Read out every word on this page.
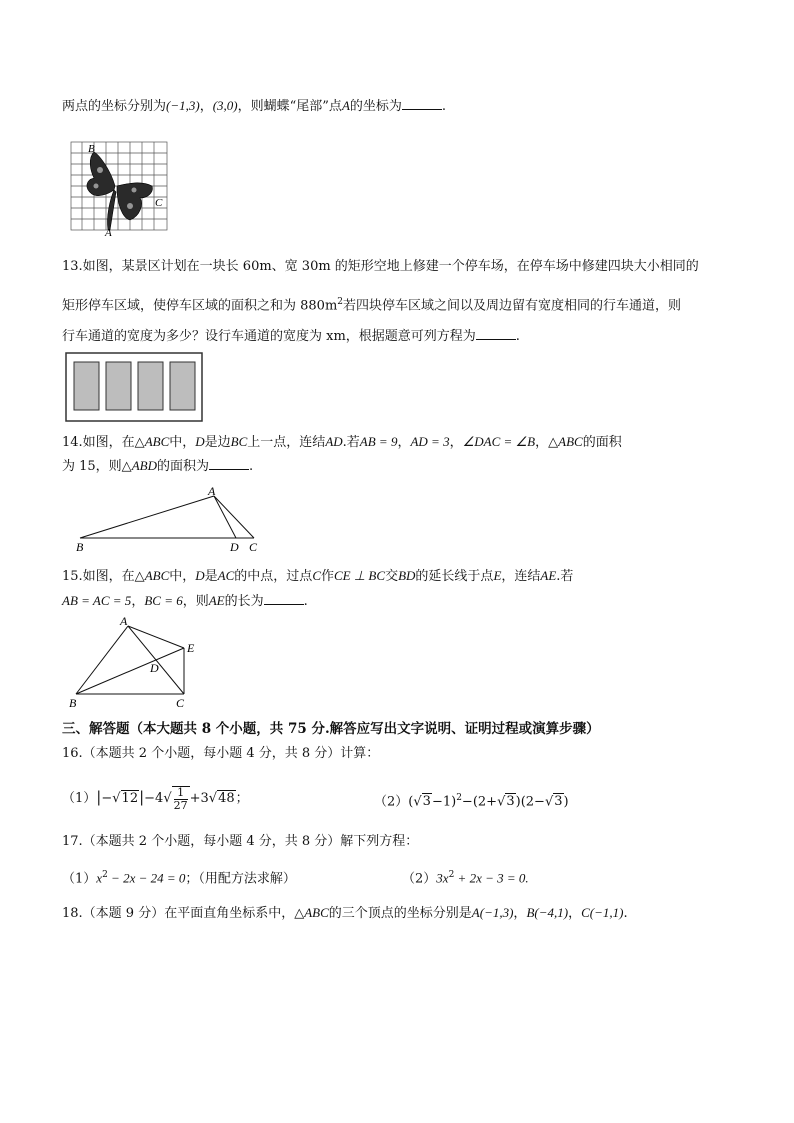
两点的坐标分别为(−1,3)，(3,0)，则蝴蝶“尾部”点A的坐标为	.
B
C
A
13.如图，某景区计划在一块长 60m、宽 30m 的矩形空地上修建一个停车场，在停车场中修建四块大小相同的
矩形停车区域，使停车区域的面积之和为 $880m^2$若四块停车区域之间以及周边留有宽度相同的行车通道，则
行车通道的宽度为多少？设行车通道的宽度为 xm，根据题意可列方程为	.
14.如图，在△ABC中，D是边BC上一点，连结AD.若AB = 9，AD = 3，∠DAC = ∠B，△ABC的面积
为 15，则△ABD的面积为	.
A
B	D C
15.如图，在△ABC中，D是AC的中点，过点C作CE ⊥ BC交BD的延长线于点E，连结AE.若
AB = AC = 5，BC = 6，则AE的长为	.
A
E
D
B	C
三、解答题（本大题共 8 个小题，共 75 分.解答应写出文字说明、证明过程或演算步骤）
16.（本题共 2 个小题，每小题 4 分，共 8 分）计算：
$(1)|-√12|-4√ \frac{1}{27} +3√48$；	$(2)(√3-1)^2-(2+√3)(2-√3)$
17.（本题共 2 个小题，每小题 4 分，共 8 分）解下列方程：
$(1)x^2 - 2x - 24 = 0$；（用配方法求解）	$(2)3x^2 + 2x - 3 = 0$.
18.（本题 9 分）在平面直角坐标系中，△ABC的三个顶点的坐标分别是A(−1,3)，B(−4,1)，C(−1,1).
